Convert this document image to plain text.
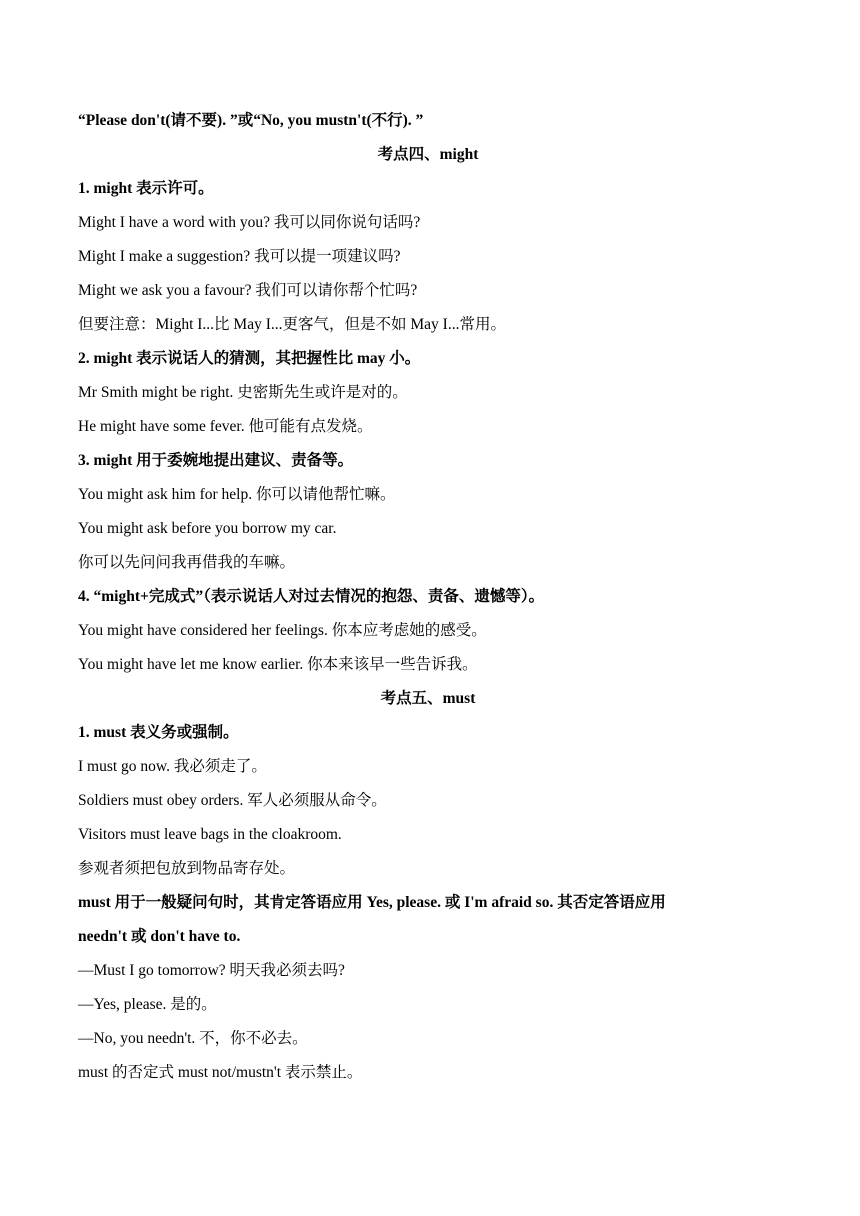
“Please don't(请不要). ”或“No, you mustn't(不行). ”
考点四、might
1. might 表示许可。
Might I have a word with you? 我可以同你说句话吗?
Might I make a suggestion? 我可以提一项建议吗?
Might we ask you a favour? 我们可以请你帮个忙吗?
但要注意：Might I...比 May I...更客气，但是不如 May I...常用。
2. might 表示说话人的猜测，其把握性比 may 小。
Mr Smith might be right. 史密斯先生或许是对的。
He might have some fever. 他可能有点发烧。
3. might 用于委婉地提出建议、责备等。
You might ask him for help. 你可以请他帮忙嘛。
You might ask before you borrow my car.
你可以先问问我再借我的车嘛。
4. “might+完成式”（表示说话人对过去情况的抱怨、责备、遗憾等）。
You might have considered her feelings. 你本应考虑她的感受。
You might have let me know earlier. 你本来该早一些告诉我。
考点五、must
1. must 表义务或强制。
I must go now. 我必须走了。
Soldiers must obey orders. 军人必须服从命令。
Visitors must leave bags in the cloakroom.
参观者须把包放到物品寄存处。
must 用于一般疑问句时，其肯定答语应用 Yes, please. 或 I'm afraid so. 其否定答语应用
needn't 或 don't have to.
—Must I go tomorrow? 明天我必须去吗?
—Yes, please. 是的。
—No, you needn't. 不，你不必去。
must 的否定式 must not/mustn't 表示禁止。
